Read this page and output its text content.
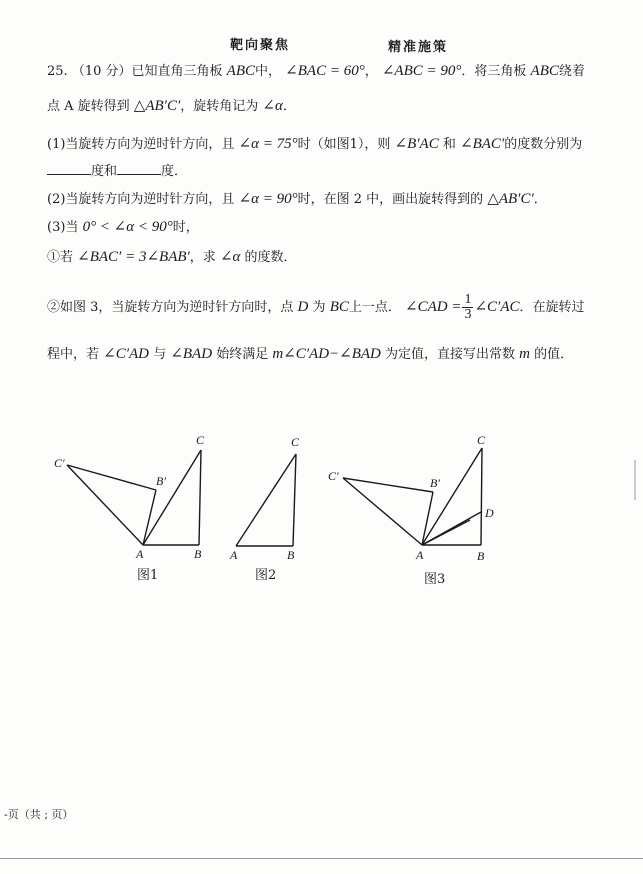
靶向聚焦	精准施策
25. （10 分）已知直角三角板 ABC中， ∠BAC = 60°， ∠ABC = 90°．将三角板 ABC绕着
点 A 旋转得到 △AB′C′，旋转角记为 ∠α．
(1)当旋转方向为逆时针方向，且 ∠α = 75°时（如图1），则 ∠B′AC 和 ∠BAC′的度数分别为
度和	度．
(2)当旋转方向为逆时针方向，且 ∠α = 90°时，在图 2 中，画出旋转得到的 △AB′C′．
(3)当 0° < ∠α < 90°时，
①若 ∠BAC′ = 3∠BAB′，求 ∠α 的度数．
②如图 3，当旋转方向为逆时针方向时，点 D 为 BC上一点． ∠CAD = $\frac{1}{3}$ ∠C′AC．在旋转过
程中，若 ∠C′AD 与 ∠BAD 始终满足 m∠C′AD−∠BAD 为定值，直接写出常数 m 的值．
C′
B′
C
A	B
C
A	B
C′	B′
C
D
A	B
图1	图2	图3
-页（共 ; 页）
